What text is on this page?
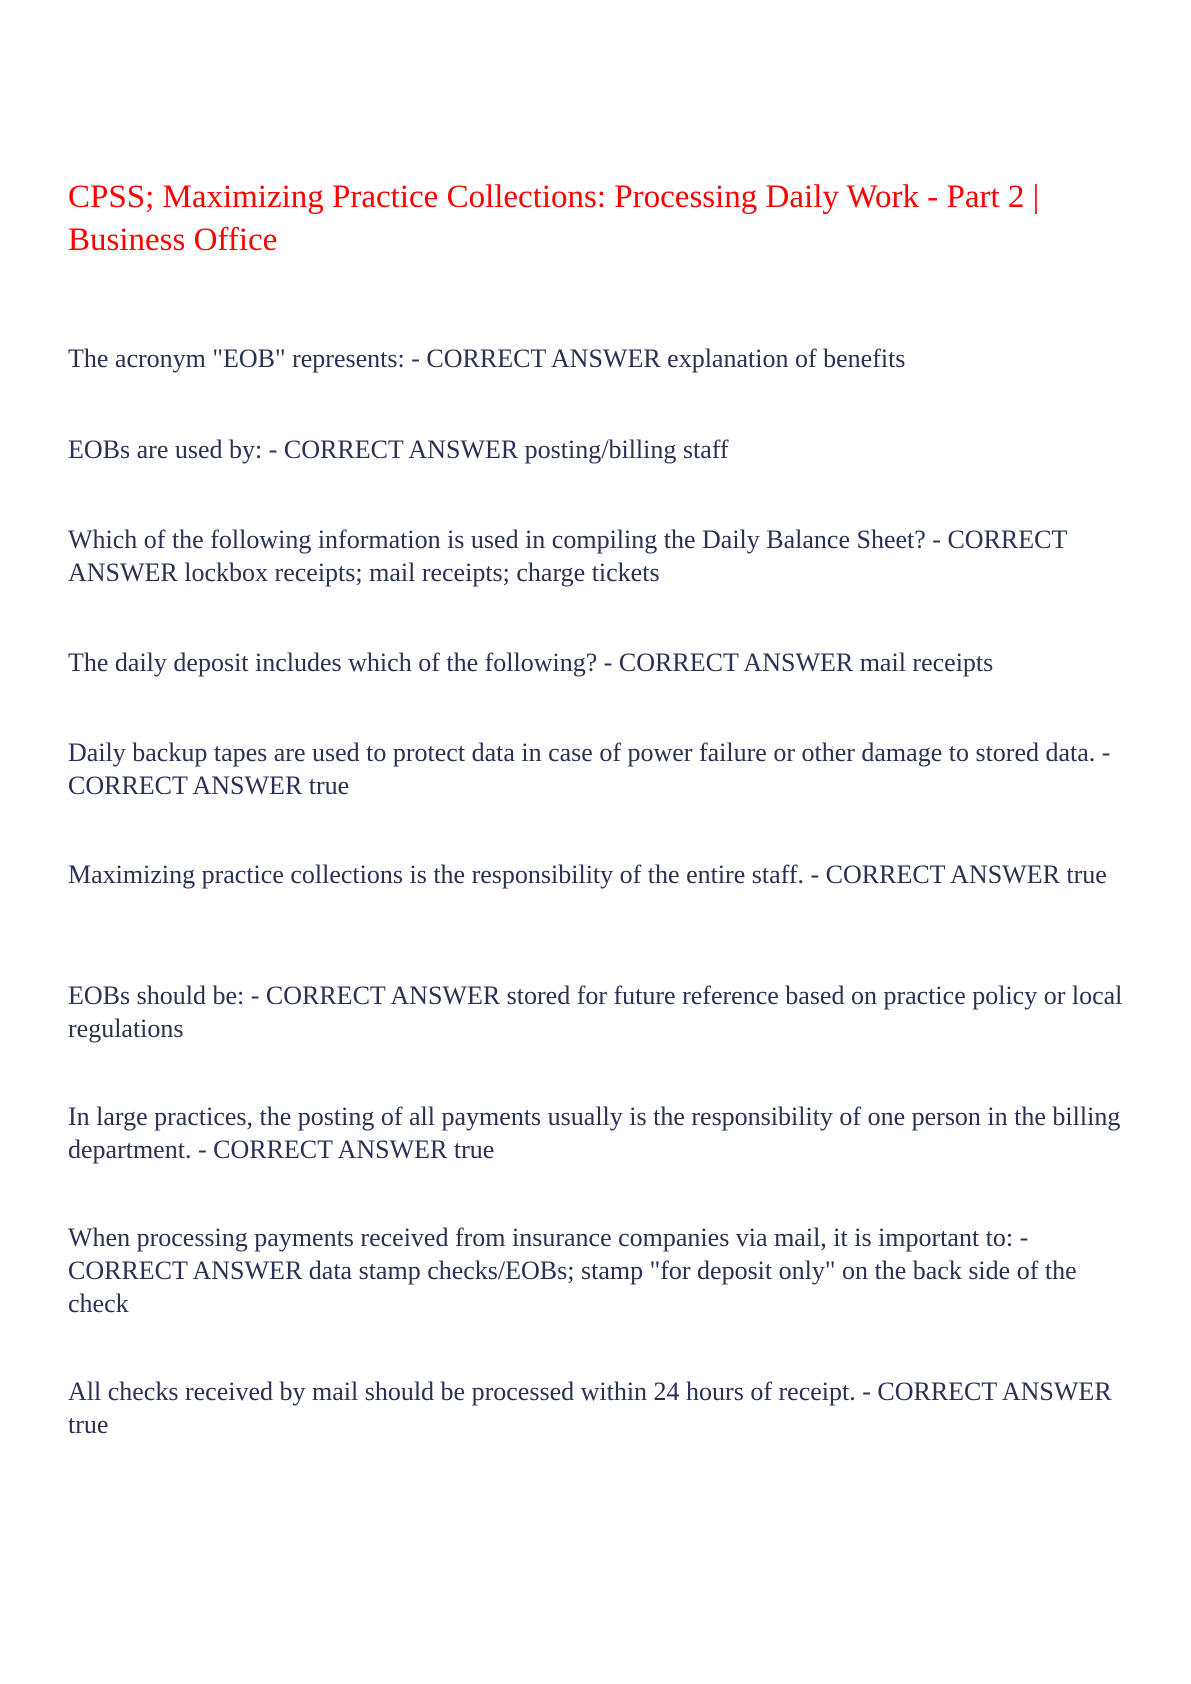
CPSS; Maximizing Practice Collections: Processing Daily Work - Part 2 | Business Office

The acronym "EOB" represents: - CORRECT ANSWER explanation of benefits

EOBs are used by: - CORRECT ANSWER posting/billing staff

Which of the following information is used in compiling the Daily Balance Sheet? - CORRECT ANSWER lockbox receipts; mail receipts; charge tickets

The daily deposit includes which of the following? - CORRECT ANSWER mail receipts

Daily backup tapes are used to protect data in case of power failure or other damage to stored data. - CORRECT ANSWER true

Maximizing practice collections is the responsibility of the entire staff. - CORRECT ANSWER true

EOBs should be: - CORRECT ANSWER stored for future reference based on practice policy or local regulations

In large practices, the posting of all payments usually is the responsibility of one person in the billing department. - CORRECT ANSWER true

When processing payments received from insurance companies via mail, it is important to: - CORRECT ANSWER data stamp checks/EOBs; stamp "for deposit only" on the back side of the check

All checks received by mail should be processed within 24 hours of receipt. - CORRECT ANSWER true
